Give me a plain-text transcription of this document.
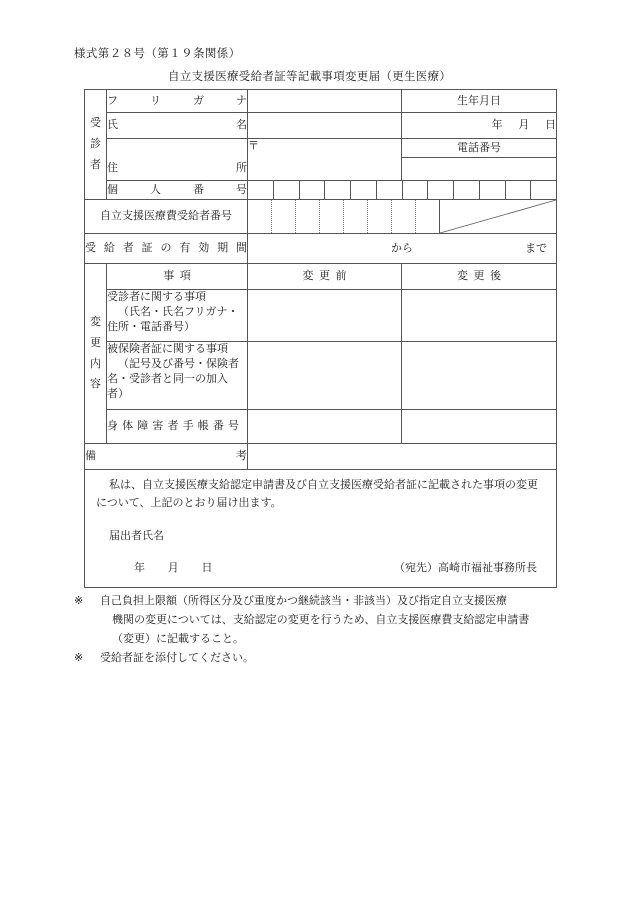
様式第２８号（第１９条関係）
自立支援医療受給者証等記載事項変更届（更生医療）
受
診
者	フ リ ガ ナ		生年月日

	氏 名		年 月 日

	住 所	〒	電話番号

	個 人 番 号		

自立支援医療費受給者番号	

受 給 者 証 の 有 効 期 間	から	まで

変
更
内
容	事 項	変 更 前	変 更 後

	受診者に関する事項
（氏名・氏名フリガナ・
住所・電話番号）		

	被保険者証に関する事項
（記号及び番号・保険者
名・受診者と同一の加入
者）		

身 体 障 害 者 手 帳 番 号

備 考			

私は、自立支援医療支給認定申請書及び自立支援医療受給者証に記載された事項の変更
について、上記のとおり届け出ます。
届出者氏名
年 月 日 （宛先）高崎市福祉事務所長			
※	自己負担上限額（所得区分及び重度かつ継続該当・非該当）及び指定自立支援医療
機関の変更については、支給認定の変更を行うため、自立支援医療費支給認定申請書
（変更）に記載すること。
※	受給者証を添付してください。
